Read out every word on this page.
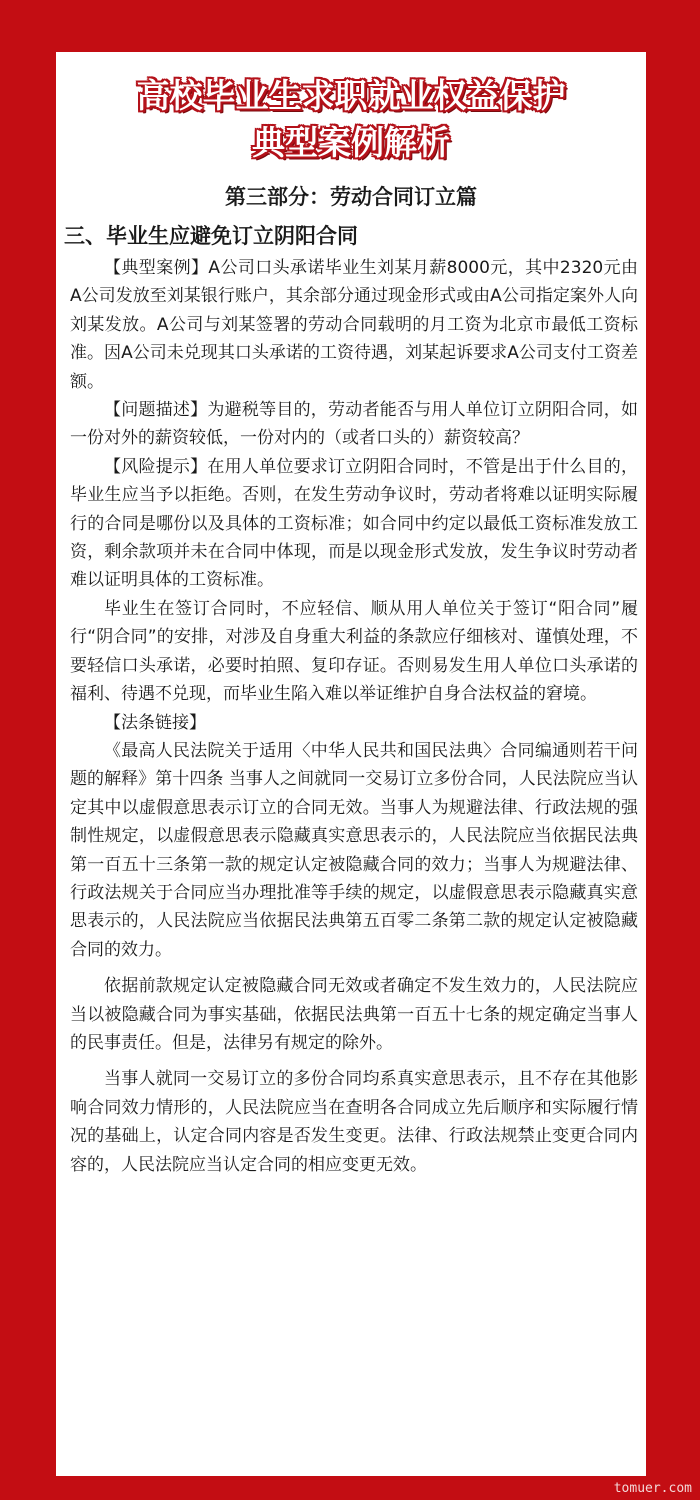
高校毕业生求职就业权益保护
典型案例解析
第三部分：劳动合同订立篇
三、毕业生应避免订立阴阳合同

【典型案例】A公司口头承诺毕业生刘某月薪8000元，其中2320元由A公司发放至刘某银行账户，其余部分通过现金形式或由A公司指定案外人向刘某发放。A公司与刘某签署的劳动合同载明的月工资为北京市最低工资标准。因A公司未兑现其口头承诺的工资待遇，刘某起诉要求A公司支付工资差额。

【问题描述】为避税等目的，劳动者能否与用人单位订立阴阳合同，如一份对外的薪资较低，一份对内的（或者口头的）薪资较高？

【风险提示】在用人单位要求订立阴阳合同时，不管是出于什么目的，毕业生应当予以拒绝。否则，在发生劳动争议时，劳动者将难以证明实际履行的合同是哪份以及具体的工资标准；如合同中约定以最低工资标准发放工资，剩余款项并未在合同中体现，而是以现金形式发放，发生争议时劳动者难以证明具体的工资标准。

毕业生在签订合同时，不应轻信、顺从用人单位关于签订“阳合同”履行“阴合同”的安排，对涉及自身重大利益的条款应仔细核对、谨慎处理，不要轻信口头承诺，必要时拍照、复印存证。否则易发生用人单位口头承诺的福利、待遇不兑现，而毕业生陷入难以举证维护自身合法权益的窘境。

【法条链接】

《最高人民法院关于适用〈中华人民共和国民法典〉合同编通则若干问题的解释》第十四条 当事人之间就同一交易订立多份合同，人民法院应当认定其中以虚假意思表示订立的合同无效。当事人为规避法律、行政法规的强制性规定，以虚假意思表示隐藏真实意思表示的，人民法院应当依据民法典第一百五十三条第一款的规定认定被隐藏合同的效力；当事人为规避法律、行政法规关于合同应当办理批准等手续的规定，以虚假意思表示隐藏真实意思表示的，人民法院应当依据民法典第五百零二条第二款的规定认定被隐藏合同的效力。

依据前款规定认定被隐藏合同无效或者确定不发生效力的，人民法院应当以被隐藏合同为事实基础，依据民法典第一百五十七条的规定确定当事人的民事责任。但是，法律另有规定的除外。

当事人就同一交易订立的多份合同均系真实意思表示，且不存在其他影响合同效力情形的，人民法院应当在查明各合同成立先后顺序和实际履行情况的基础上，认定合同内容是否发生变更。法律、行政法规禁止变更合同内容的，人民法院应当认定合同的相应变更无效。

tomuer.com
